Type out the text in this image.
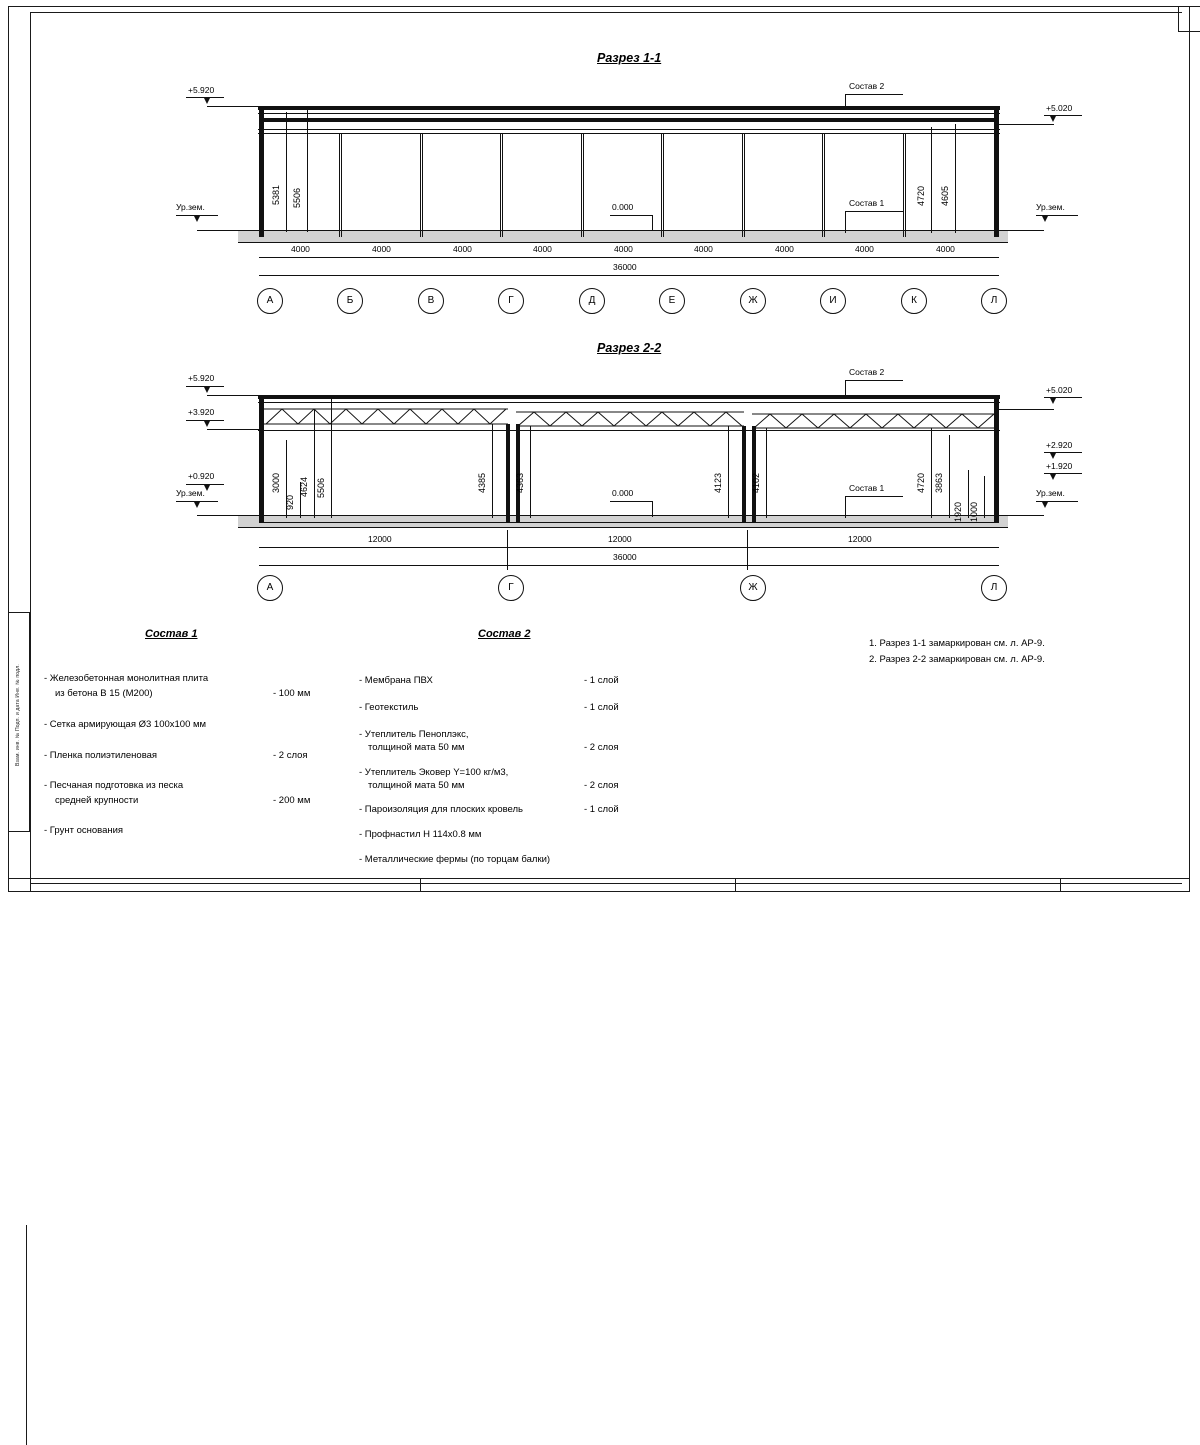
Взам. инв. № Подп. и дата Инв. № подл.
Разрез 1-1
+5.920
Ур.зем.
+5.020
Ур.зем.
0.000
5381 5506	4720 4605
Состав 2
Состав 1
36000
4000	4000	4000	4000	4000	4000	4000	4000	4000
А	Б	В	Г	Д	Е	Ж	И	К	Л
Разрез 2-2
+5.920
+3.920
+0.920
Ур.зем.
+5.020
+2.920
+1.920
Ур.зем.
0.000
3000
920
4624 5506	4385	4363	4123	4102	4720 3863
1920 1000
Состав 2
Состав 1
36000
12000	12000	12000
А	Г	Ж	Л
Состав 1
- Железобетонная монолитная плита
из бетона В 15 (М200)	- 100 мм
- Сетка армирующая Ø3 100х100 мм
- Пленка полиэтиленовая	- 2 слоя
- Песчаная подготовка из песка
средней крупности	- 200 мм
- Грунт основания
Состав 2
- Мембрана ПВХ	- 1 слой
- Геотекстиль	- 1 слой
- Утеплитель Пеноплэкс,
толщиной мата 50 мм	- 2 слоя
- Утеплитель Эковер Y=100 кг/м3,
толщиной мата 50 мм	- 2 слоя
- Пароизоляция для плоских кровель	- 1 слой
- Профнастил Н 114х0.8 мм
- Металлические фермы (по торцам балки)
1. Разрез 1-1 замаркирован см. л. АР-9.
2. Разрез 2-2 замаркирован см. л. АР-9.
